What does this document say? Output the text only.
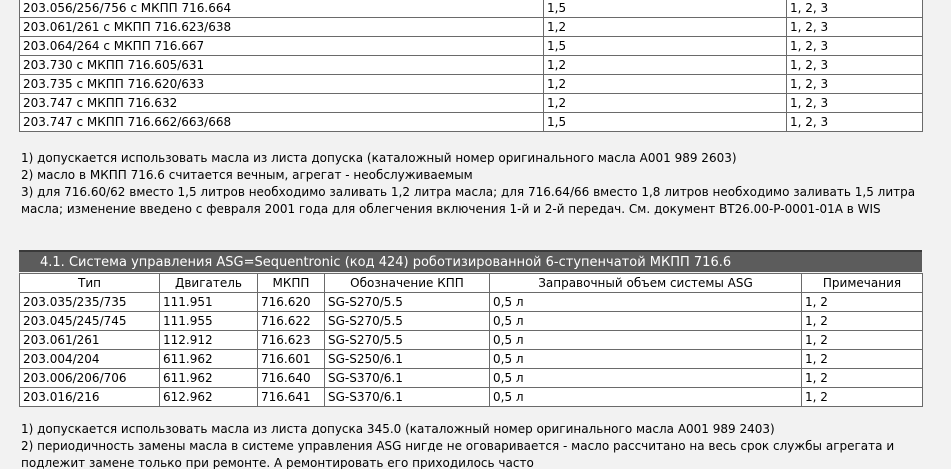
203.056/256/756 с МКПП 716.664	1,5	1, 2, 3
203.061/261 с МКПП 716.623/638	1,2	1, 2, 3
203.064/264 с МКПП 716.667	1,5	1, 2, 3
203.730 с МКПП 716.605/631	1,2	1, 2, 3
203.735 с МКПП 716.620/633	1,2	1, 2, 3
203.747 с МКПП 716.632	1,2	1, 2, 3
203.747 с МКПП 716.662/663/668	1,5	1, 2, 3

1) допускается использовать масла из листа допуска (каталожный номер оригинального масла A001 989 2603)

2) масло в МКПП 716.6 считается вечным, агрегат - необслуживаемым

3) для 716.60/62 вместо 1,5 литров необходимо заливать 1,2 литра масла; для 716.64/66 вместо 1,8 литров необходимо заливать 1,5 литра масла; изменение введено с февраля 2001 года для облегчения включения 1-й и 2-й передач. См. документ BT26.00-P-0001-01A в WIS

4.1. Система управления ASG=Sequentronic (код 424) роботизированной 6-ступенчатой МКПП 716.6
Тип	Двигатель	МКПП	Обозначение КПП	Заправочный объем системы ASG	Примечания
203.035/235/735	111.951	716.620	SG-S270/5.5	0,5 л	1, 2
203.045/245/745	111.955	716.622	SG-S270/5.5	0,5 л	1, 2
203.061/261	112.912	716.623	SG-S270/5.5	0,5 л	1, 2
203.004/204	611.962	716.601	SG-S250/6.1	0,5 л	1, 2
203.006/206/706	611.962	716.640	SG-S370/6.1	0,5 л	1, 2
203.016/216	612.962	716.641	SG-S370/6.1	0,5 л	1, 2

1) допускается использовать масла из листа допуска 345.0 (каталожный номер оригинального масла A001 989 2403)

2) периодичность замены масла в системе управления ASG нигде не оговаривается - масло рассчитано на весь срок службы агрегата и подлежит замене только при ремонте. А ремонтировать его приходилось часто
